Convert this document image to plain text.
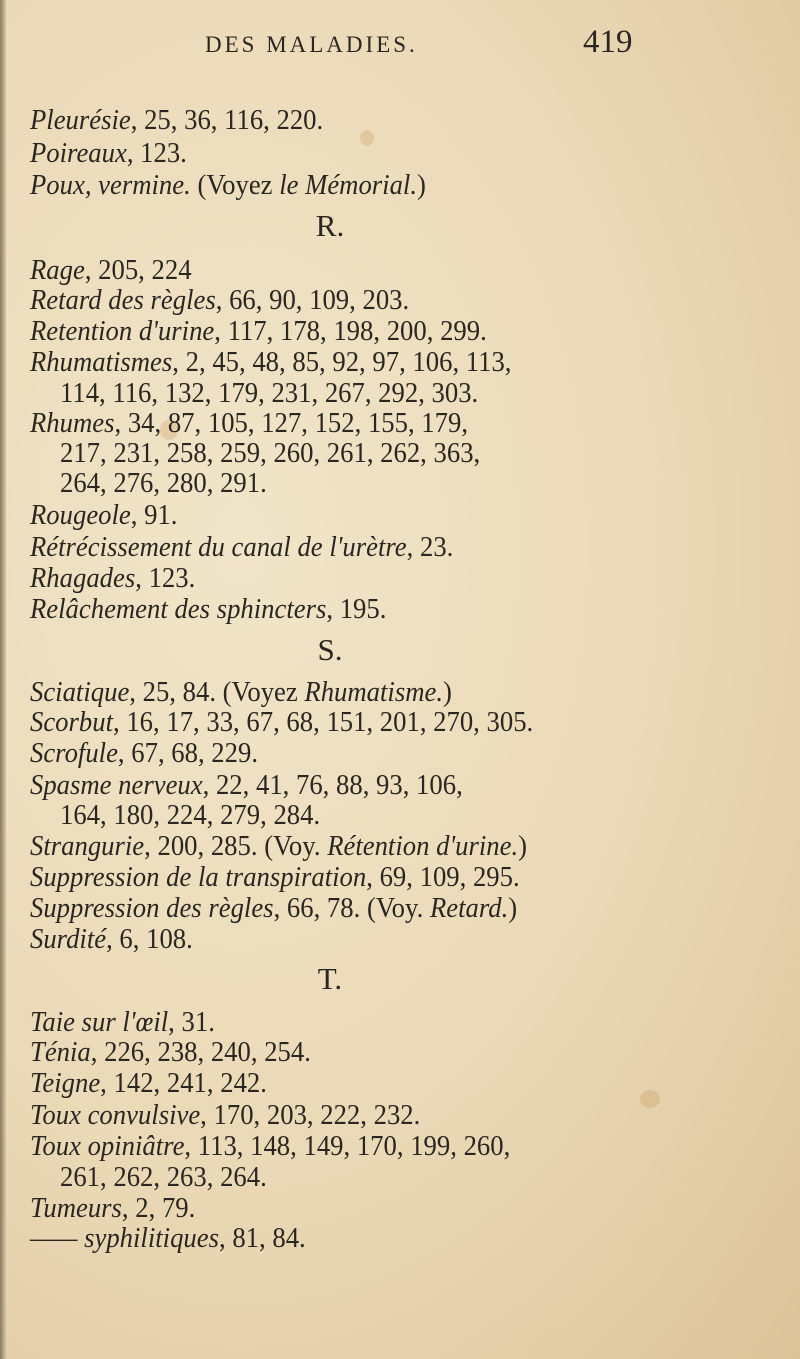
DES MALADIES.	419
Pleurésie, 25, 36, 116, 220.
Poireaux, 123.
Poux, vermine. (Voyez le Mémorial.)
R.
Rage, 205, 224
Retard des règles, 66, 90, 109, 203.
Retention d'urine, 117, 178, 198, 200, 299.
Rhumatismes, 2, 45, 48, 85, 92, 97, 106, 113,
114, 116, 132, 179, 231, 267, 292, 303.
Rhumes, 34, 87, 105, 127, 152, 155, 179,
217, 231, 258, 259, 260, 261, 262, 363,
264, 276, 280, 291.
Rougeole, 91.
Rétrécissement du canal de l'urètre, 23.
Rhagades, 123.
Relâchement des sphincters, 195.
S.
Sciatique, 25, 84. (Voyez Rhumatisme.)
Scorbut, 16, 17, 33, 67, 68, 151, 201, 270, 305.
Scrofule, 67, 68, 229.
Spasme nerveux, 22, 41, 76, 88, 93, 106,
164, 180, 224, 279, 284.
Strangurie, 200, 285. (Voy. Rétention d'urine.)
Suppression de la transpiration, 69, 109, 295.
Suppression des règles, 66, 78. (Voy. Retard.)
Surdité, 6, 108.
T.
Taie sur l'œil, 31.
Ténia, 226, 238, 240, 254.
Teigne, 142, 241, 242.
Toux convulsive, 170, 203, 222, 232.
Toux opiniâtre, 113, 148, 149, 170, 199, 260,
261, 262, 263, 264.
Tumeurs, 2, 79.
—— syphilitiques, 81, 84.
